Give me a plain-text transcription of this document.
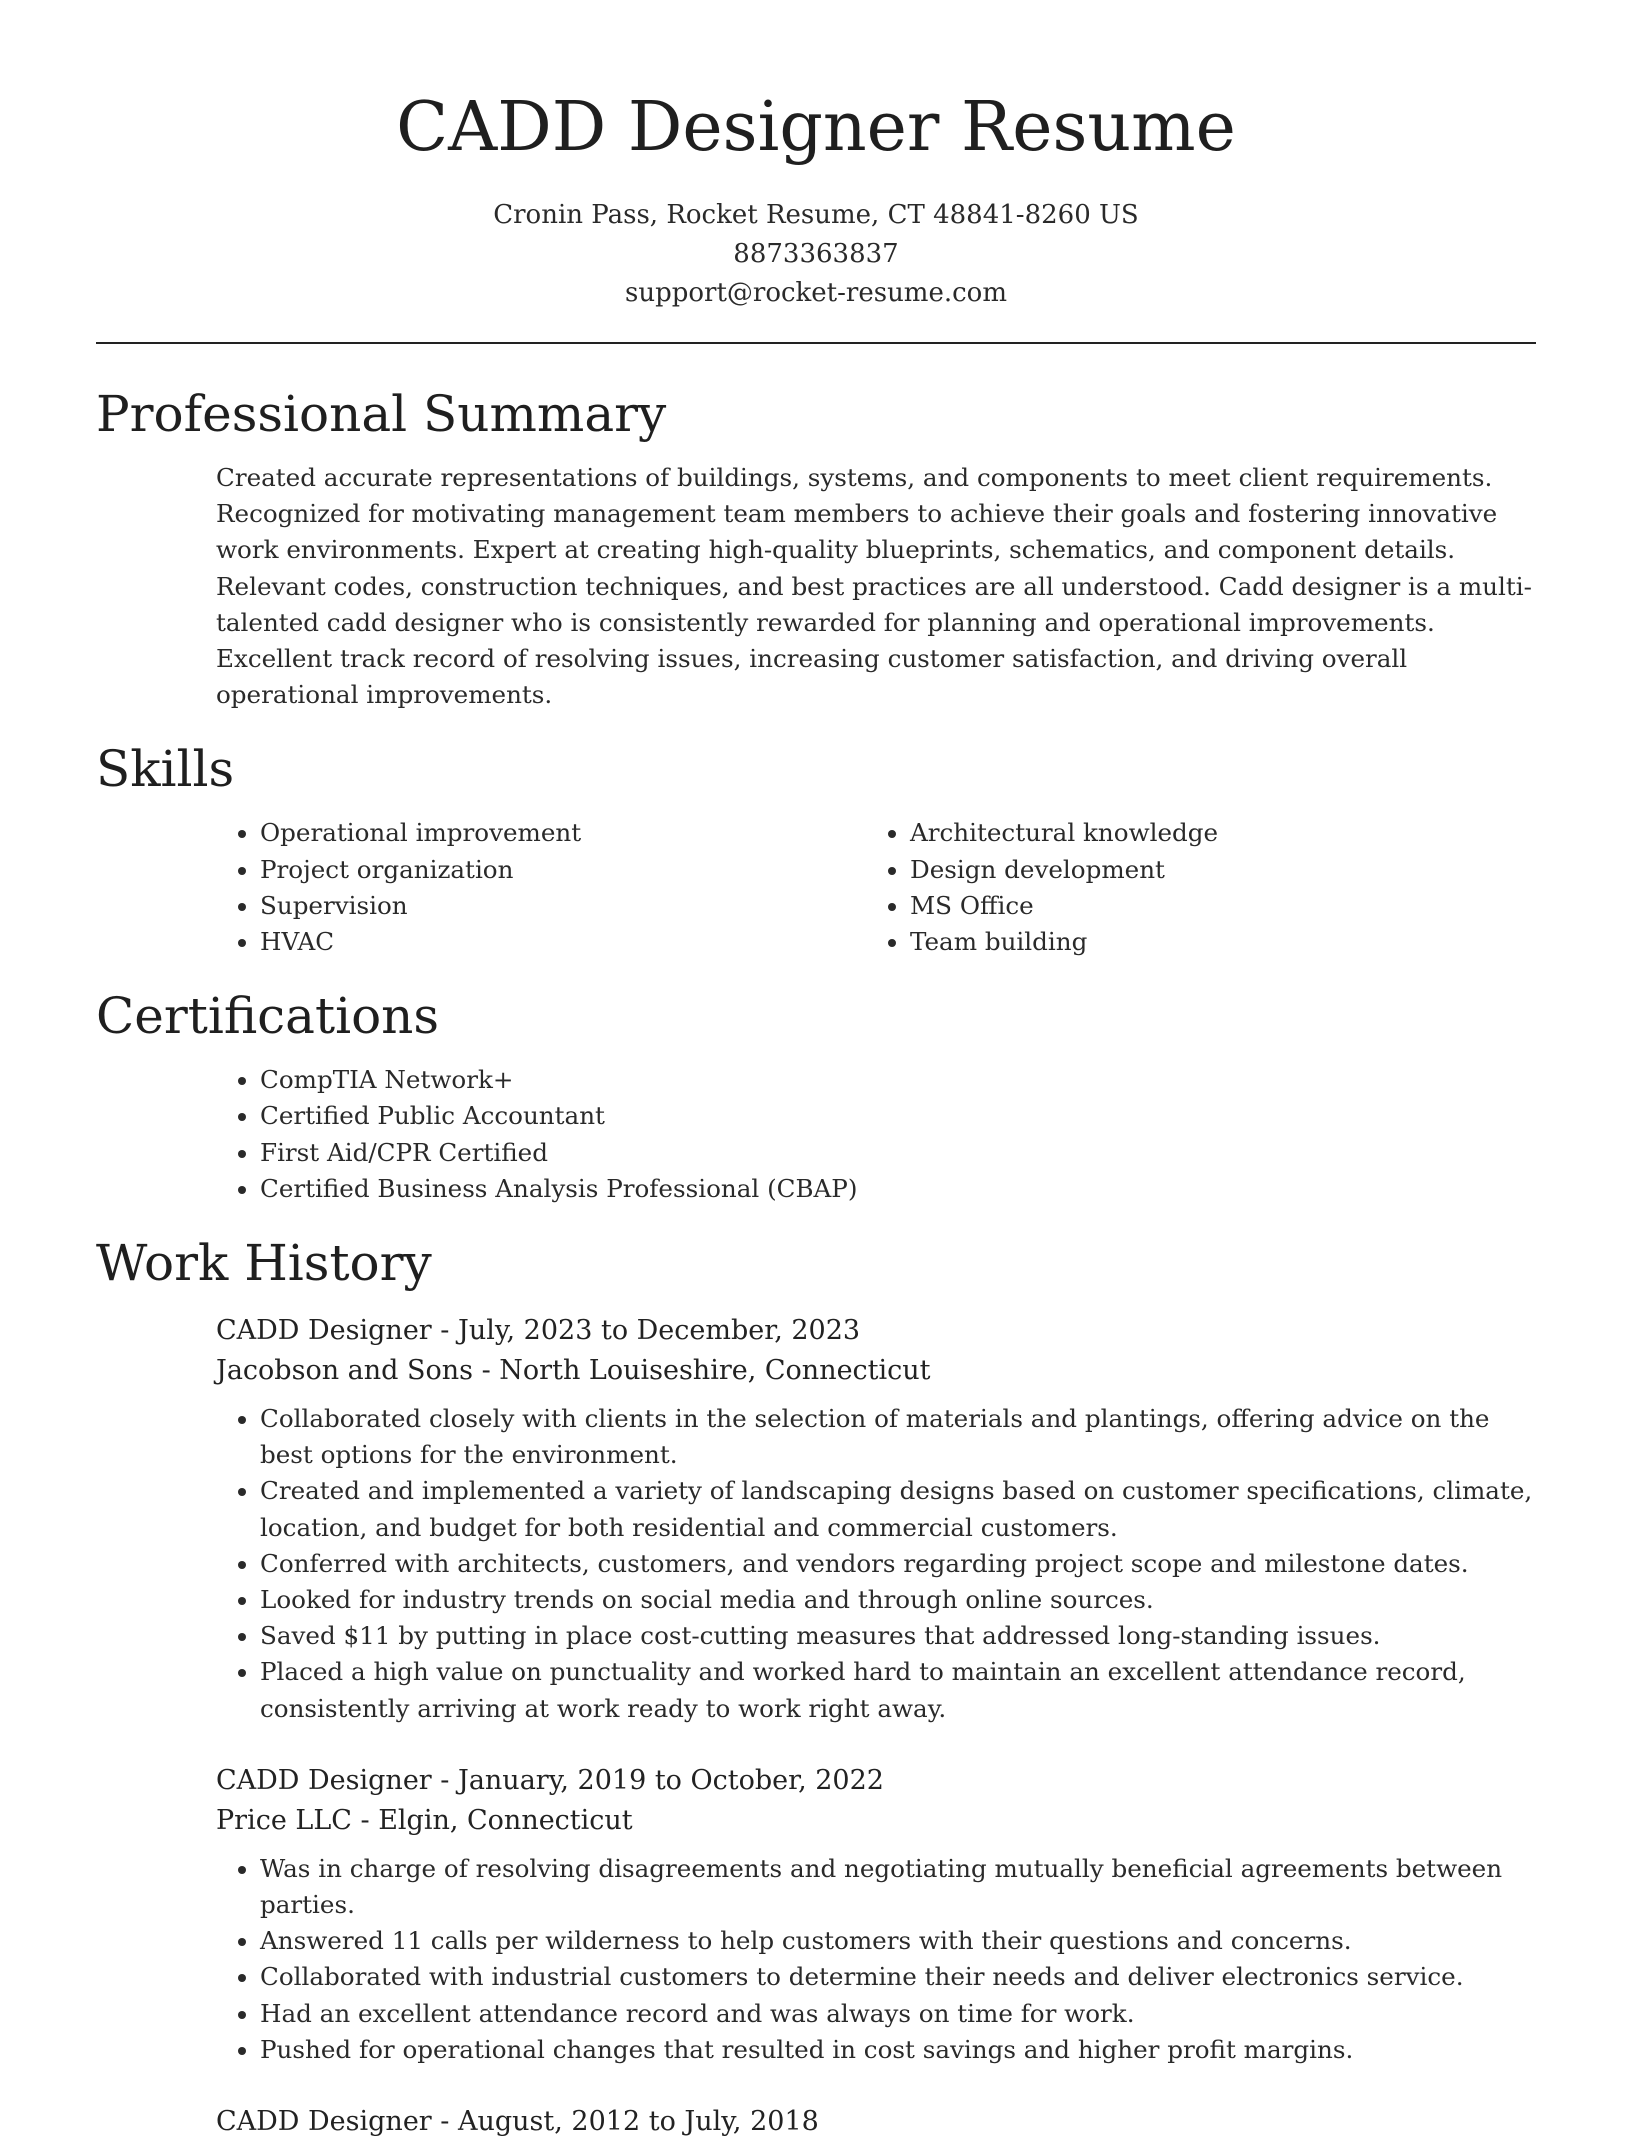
CADD Designer Resume
Cronin Pass, Rocket Resume, CT 48841-8260 US
8873363837
support@rocket-resume.com
Professional Summary

Created accurate representations of buildings, systems, and components to meet client requirements. Recognized for motivating management team members to achieve their goals and fostering innovative work environments. Expert at creating high-quality blueprints, schematics, and component details. Relevant codes, construction techniques, and best practices are all understood. Cadd designer is a multi-talented cadd designer who is consistently rewarded for planning and operational improvements. Excellent track record of resolving issues, increasing customer satisfaction, and driving overall operational improvements.

Skills
• Operational improvement
• Project organization
• Supervision
• HVAC
• Architectural knowledge
• Design development
• MS Office
• Team building
Certifications
• CompTIA Network+
• Certified Public Accountant
• First Aid/CPR Certified
• Certified Business Analysis Professional (CBAP)
Work History
CADD Designer - July, 2023 to December, 2023
Jacobson and Sons - North Louiseshire, Connecticut
• Collaborated closely with clients in the selection of materials and plantings, offering advice on the best options for the environment.
• Created and implemented a variety of landscaping designs based on customer specifications, climate, location, and budget for both residential and commercial customers.
• Conferred with architects, customers, and vendors regarding project scope and milestone dates.
• Looked for industry trends on social media and through online sources.
• Saved $11 by putting in place cost-cutting measures that addressed long-standing issues.
• Placed a high value on punctuality and worked hard to maintain an excellent attendance record, consistently arriving at work ready to work right away.
CADD Designer - January, 2019 to October, 2022
Price LLC - Elgin, Connecticut
• Was in charge of resolving disagreements and negotiating mutually beneficial agreements between parties.
• Answered 11 calls per wilderness to help customers with their questions and concerns.
• Collaborated with industrial customers to determine their needs and deliver electronics service.
• Had an excellent attendance record and was always on time for work.
• Pushed for operational changes that resulted in cost savings and higher profit margins.
CADD Designer - August, 2012 to July, 2018
